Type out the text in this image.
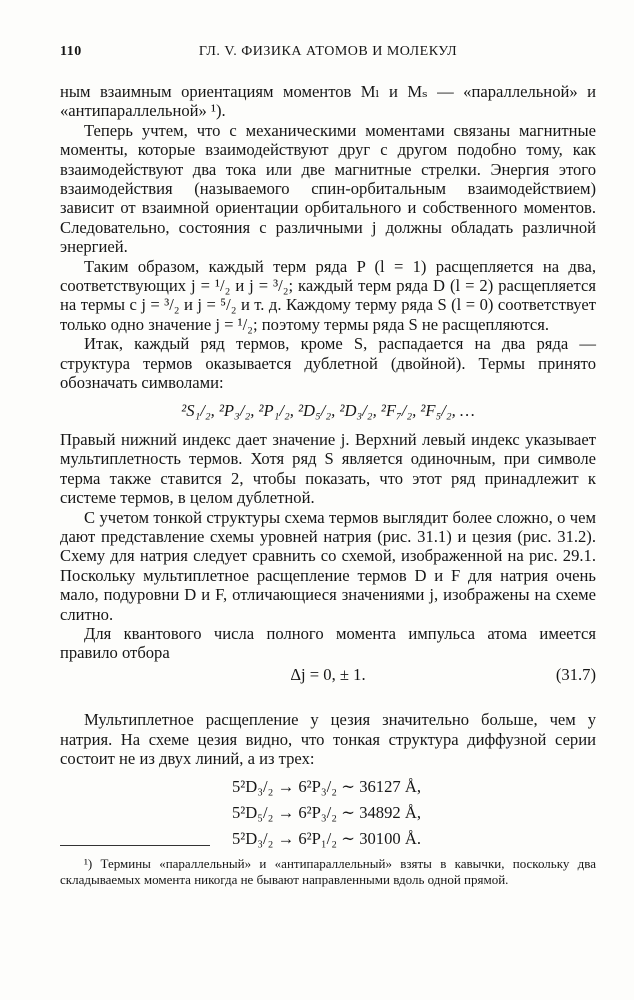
110	ГЛ. V. ФИЗИКА АТОМОВ И МОЛЕКУЛ

ным взаимным ориентациям моментов Mₗ и Mₛ — «параллельной» и «антипараллельной» ¹).

Теперь учтем, что с механическими моментами связаны магнитные моменты, которые взаимодействуют друг с другом подобно тому, как взаимодействуют два тока или две магнитные стрелки. Энергия этого взаимодействия (называемого спин-орбитальным взаимодействием) зависит от взаимной ориентации орбитального и собственного моментов. Следовательно, состояния с различными j должны обладать различной энергией.

Таким образом, каждый терм ряда P (l = 1) расщепляется на два, соответствующих j = ¹/₂ и j = ³/₂; каждый терм ряда D (l = 2) расщепляется на термы с j = ³/₂ и j = ⁵/₂ и т. д. Каждому терму ряда S (l = 0) соответствует только одно значение j = ¹/₂; поэтому термы ряда S не расщепляются.

Итак, каждый ряд термов, кроме S, распадается на два ряда — структура термов оказывается дублетной (двойной). Термы принято обозначать символами:

²S₁/₂, ²P₃/₂, ²P₁/₂, ²D₅/₂, ²D₃/₂, ²F₇/₂, ²F₅/₂, …

Правый нижний индекс дает значение j. Верхний левый индекс указывает мультиплетность термов. Хотя ряд S является одиночным, при символе терма также ставится 2, чтобы показать, что этот ряд принадлежит к системе термов, в целом дублетной.

С учетом тонкой структуры схема термов выглядит более сложно, о чем дают представление схемы уровней натрия (рис. 31.1) и цезия (рис. 31.2). Схему для натрия следует сравнить со схемой, изображенной на рис. 29.1. Поскольку мультиплетное расщепление термов D и F для натрия очень мало, подуровни D и F, отличающиеся значениями j, изображены на схеме слитно.

Для квантового числа полного момента импульса атома имеется правило отбора

Δj = 0, ± 1.	(31.7)

Мультиплетное расщепление у цезия значительно больше, чем у натрия. На схеме цезия видно, что тонкая структура диффузной серии состоит не из двух линий, а из трех:

5²D₃/₂ → 6²P₃/₂ ∼ 36127 Å,
5²D₅/₂ → 6²P₃/₂ ∼ 34892 Å,
5²D₃/₂ → 6²P₁/₂ ∼ 30100 Å.
¹) Термины «параллельный» и «антипараллельный» взяты в кавычки, поскольку два складываемых момента никогда не бывают направленными вдоль одной прямой.
